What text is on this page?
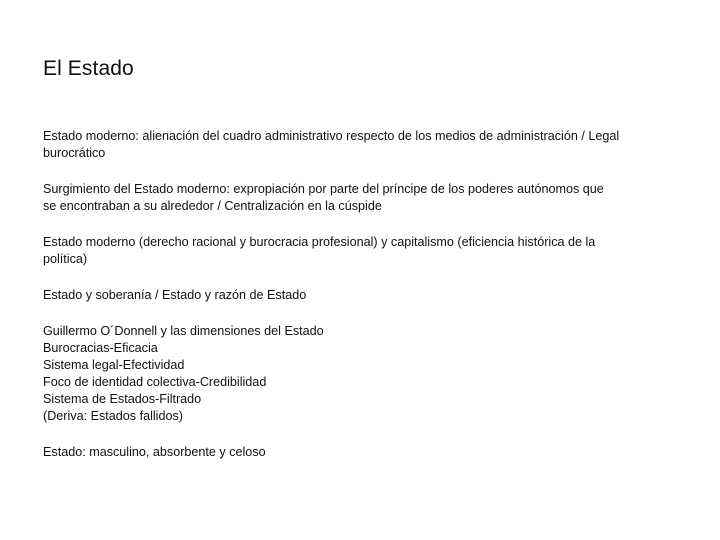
El Estado

Estado moderno: alienación del cuadro administrativo respecto de los medios de administración / Legal
burocrático

Surgimiento del Estado moderno: expropiación por parte del príncipe de los poderes autónomos que
se encontraban a su alrededor / Centralización en la cúspide

Estado moderno (derecho racional y burocracia profesional) y capitalismo (eficiencia histórica de la
política)

Estado y soberanía / Estado y razón de Estado

Guillermo O´Donnell y las dimensiones del Estado
Burocracias-Eficacia
Sistema legal-Efectividad
Foco de identidad colectiva-Credibilidad
Sistema de Estados-Filtrado
(Deriva: Estados fallidos)

Estado: masculino, absorbente y celoso
